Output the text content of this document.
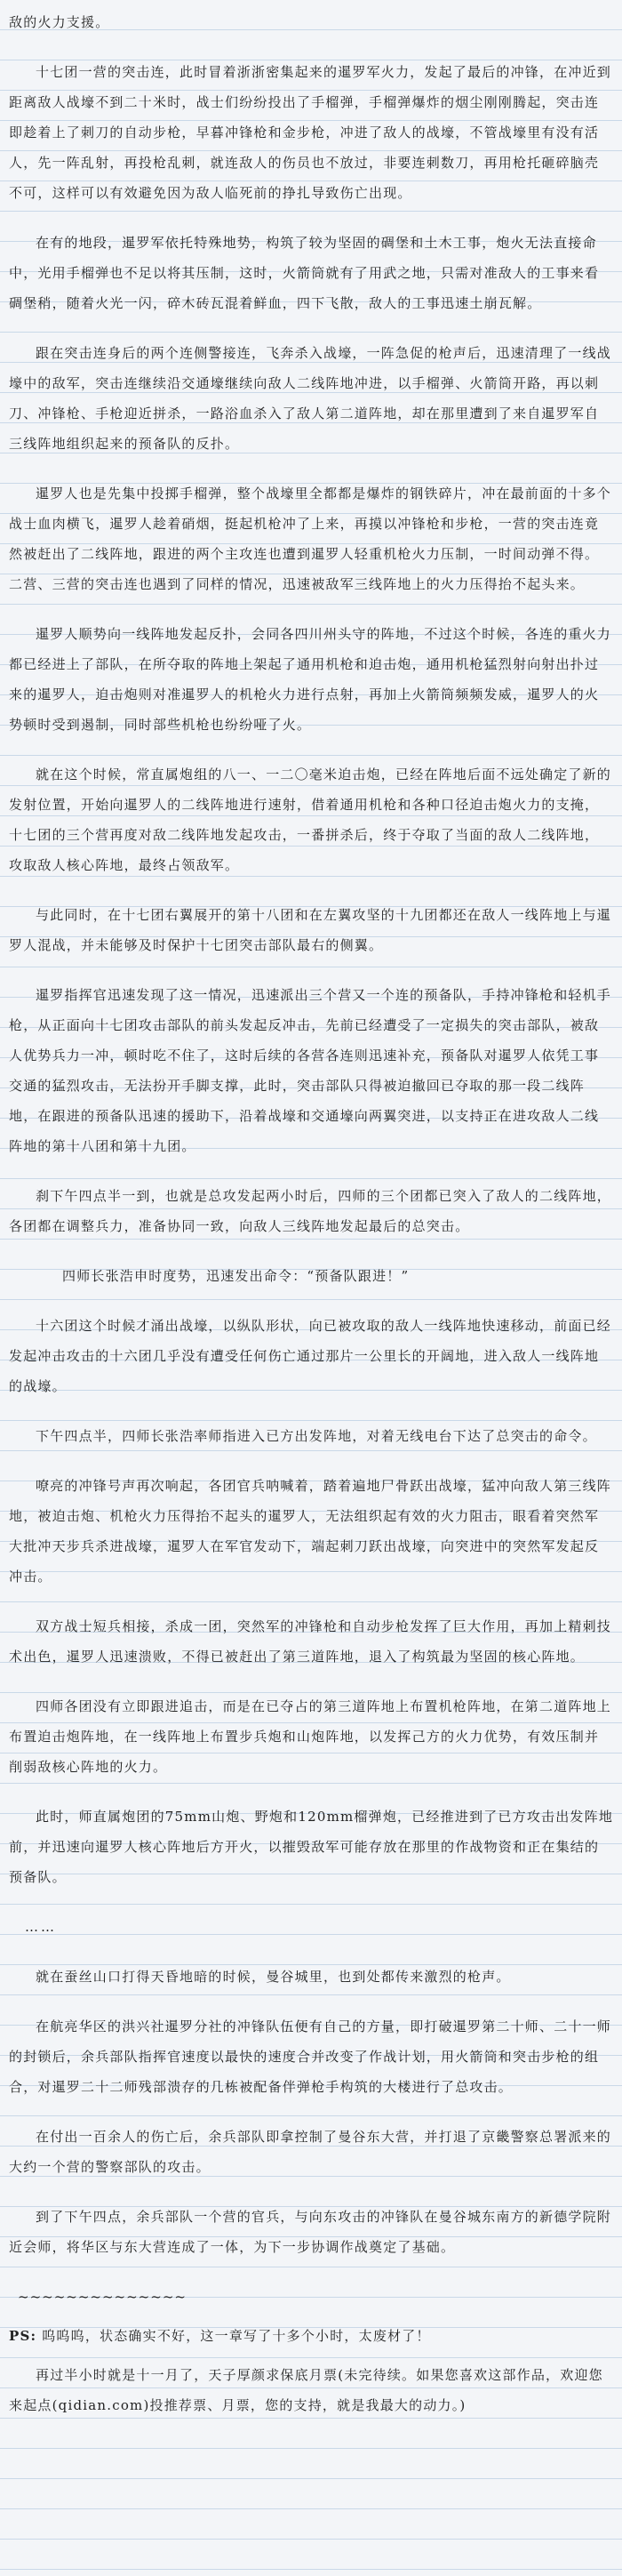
敌的火力支援。

十七团一营的突击连，此时冒着浙浙密集起来的暹罗军火力，发起了最后的冲锋，在冲近到距离敌人战壕不到二十米时，战士们纷纷投出了手榴弹，手榴弹爆炸的烟尘刚刚腾起，突击连即趁着上了刺刀的自动步枪，早暮冲锋枪和金步枪，冲进了敌人的战壕，不管战壕里有没有活人，先一阵乱射，再投枪乱刺，就连敌人的伤员也不放过，非要连刺数刀，再用枪托砸碎脑壳不可，这样可以有效避免因为敌人临死前的挣扎导致伤亡出现。

在有的地段，暹罗军依托特殊地势，构筑了较为坚固的碉堡和土木工事，炮火无法直接命中，光用手榴弹也不足以将其压制，这时，火箭筒就有了用武之地，只需对准敌人的工事来看碉堡稍，随着火光一闪，碎木砖瓦混着鲜血，四下飞散，敌人的工事迅速土崩瓦解。

跟在突击连身后的两个连侧警接连，飞奔杀入战壕，一阵急促的枪声后，迅速清理了一线战壕中的敌军，突击连继续沿交通壕继续向敌人二线阵地冲进，以手榴弹、火箭筒开路，再以刺刀、冲锋枪、手枪迎近拼杀，一路浴血杀入了敌人第二道阵地，却在那里遭到了来自暹罗军自三线阵地组织起来的预备队的反扑。

暹罗人也是先集中投掷手榴弹，整个战壕里全都都是爆炸的钢铁碎片，冲在最前面的十多个战士血肉横飞，暹罗人趁着硝烟，挺起机枪冲了上来，再摸以冲锋枪和步枪，一营的突击连竟然被赶出了二线阵地，跟进的两个主攻连也遭到暹罗人轻重机枪火力压制，一时间动弹不得。二营、三营的突击连也遇到了同样的情况，迅速被敌军三线阵地上的火力压得抬不起头来。

暹罗人顺势向一线阵地发起反扑，会同各四川州头守的阵地，不过这个时候，各连的重火力都已经进上了部队，在所夺取的阵地上架起了通用机枪和迫击炮，通用机枪猛烈射向射出扑过来的暹罗人，迫击炮则对准暹罗人的机枪火力进行点射，再加上火箭筒频频发威，暹罗人的火势顿时受到遏制，同时部些机枪也纷纷哑了火。

就在这个时候，常直属炮组的八一、一二〇毫米迫击炮，已经在阵地后面不远处确定了新的发射位置，开始向暹罗人的二线阵地进行速射，借着通用机枪和各种口径迫击炮火力的支掩，十七团的三个营再度对敌二线阵地发起攻击，一番拼杀后，终于夺取了当面的敌人二线阵地，攻取敌人核心阵地，最终占领敌军。

与此同时，在十七团右翼展开的第十八团和在左翼攻坚的十九团都还在敌人一线阵地上与暹罗人混战，并未能够及时保护十七团突击部队最右的侧翼。

暹罗指挥官迅速发现了这一情况，迅速派出三个营又一个连的预备队，手持冲锋枪和轻机手枪，从正面向十七团攻击部队的前头发起反冲击，先前已经遭受了一定损失的突击部队，被敌人优势兵力一冲，顿时吃不住了，这时后续的各营各连则迅速补充，预备队对暹罗人依凭工事交通的猛烈攻击，无法扮开手脚支撑，此时，突击部队只得被迫撤回已夺取的那一段二线阵地，在跟进的预备队迅速的援助下，沿着战壕和交通壕向两翼突进，以支持正在进攻敌人二线阵地的第十八团和第十九团。

刹下午四点半一到，也就是总攻发起两小时后，四师的三个团都已突入了敌人的二线阵地，各团都在调整兵力，准备协同一致，向敌人三线阵地发起最后的总突击。

四师长张浩申时度势，迅速发出命令：“预备队跟进！”

十六团这个时候才涌出战壕，以纵队形状，向已被攻取的敌人一线阵地快速移动，前面已经发起冲击攻击的十六团几乎没有遭受任何伤亡通过那片一公里长的开阔地，进入敌人一线阵地的战壕。

下午四点半，四师长张浩率师指进入已方出发阵地，对着无线电台下达了总突击的命令。

嘹亮的冲锋号声再次响起，各团官兵呐喊着，踏着遍地尸骨跃出战壕，猛冲向敌人第三线阵地，被迫击炮、机枪火力压得抬不起头的暹罗人，无法组织起有效的火力阻击，眼看着突然军大批冲天步兵杀进战壕，暹罗人在军官发动下，端起刺刀跃出战壕，向突进中的突然军发起反冲击。

双方战士短兵相接，杀成一团，突然军的冲锋枪和自动步枪发挥了巨大作用，再加上精刺技术出色，暹罗人迅速溃败，不得已被赶出了第三道阵地，退入了构筑最为坚固的核心阵地。

四师各团没有立即跟进追击，而是在已夺占的第三道阵地上布置机枪阵地，在第二道阵地上布置迫击炮阵地，在一线阵地上布置步兵炮和山炮阵地，以发挥己方的火力优势，有效压制并削弱敌核心阵地的火力。

此时，师直属炮团的75mm山炮、野炮和120mm榴弹炮，已经推进到了已方攻击出发阵地前，并迅速向暹罗人核心阵地后方开火，以摧毁敌军可能存放在那里的作战物资和正在集结的预备队。

……

就在蚕丝山口打得天昏地暗的时候，曼谷城里，也到处都传来激烈的枪声。

在航亮华区的洪兴社暹罗分社的冲锋队伍便有自己的方量，即打破暹罗第二十师、二十一师的封锁后，余兵部队指挥官速度以最快的速度合并改变了作战计划，用火箭筒和突击步枪的组合，对暹罗二十二师残部溃存的几栋被配备伴弹枪手构筑的大楼进行了总攻击。

在付出一百余人的伤亡后，余兵部队即拿控制了曼谷东大营，并打退了京畿警察总署派来的大约一个营的警察部队的攻击。

到了下午四点，余兵部队一个营的官兵，与向东攻击的冲锋队在曼谷城东南方的新德学院附近会师，将华区与东大营连成了一体，为下一步协调作战奠定了基础。

~~~~~~~~~~~~~~

PS: 呜呜呜，状态确实不好，这一章写了十多个小时，太废材了！

再过半小时就是十一月了，天子厚颜求保底月票(未完待续。如果您喜欢这部作品，欢迎您来起点(qidian.com)投推荐票、月票，您的支持，就是我最大的动力。)
